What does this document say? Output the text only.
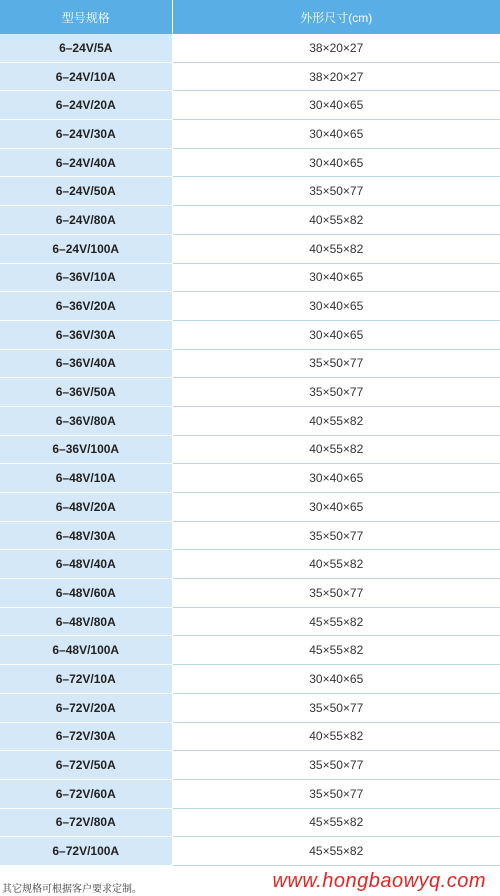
型号规格	外形尺寸(cm)
6–24V/5A	38×20×27
6–24V/10A	38×20×27
6–24V/20A	30×40×65
6–24V/30A	30×40×65
6–24V/40A	30×40×65
6–24V/50A	35×50×77
6–24V/80A	40×55×82
6–24V/100A	40×55×82
6–36V/10A	30×40×65
6–36V/20A	30×40×65
6–36V/30A	30×40×65
6–36V/40A	35×50×77
6–36V/50A	35×50×77
6–36V/80A	40×55×82
6–36V/100A	40×55×82
6–48V/10A	30×40×65
6–48V/20A	30×40×65
6–48V/30A	35×50×77
6–48V/40A	40×55×82
6–48V/60A	35×50×77
6–48V/80A	45×55×82
6–48V/100A	45×55×82
6–72V/10A	30×40×65
6–72V/20A	35×50×77
6–72V/30A	40×55×82
6–72V/50A	35×50×77
6–72V/60A	35×50×77
6–72V/80A	45×55×82
6–72V/100A	45×55×82
其它规格可根据客户要求定制。	www.hongbaowyq.com
